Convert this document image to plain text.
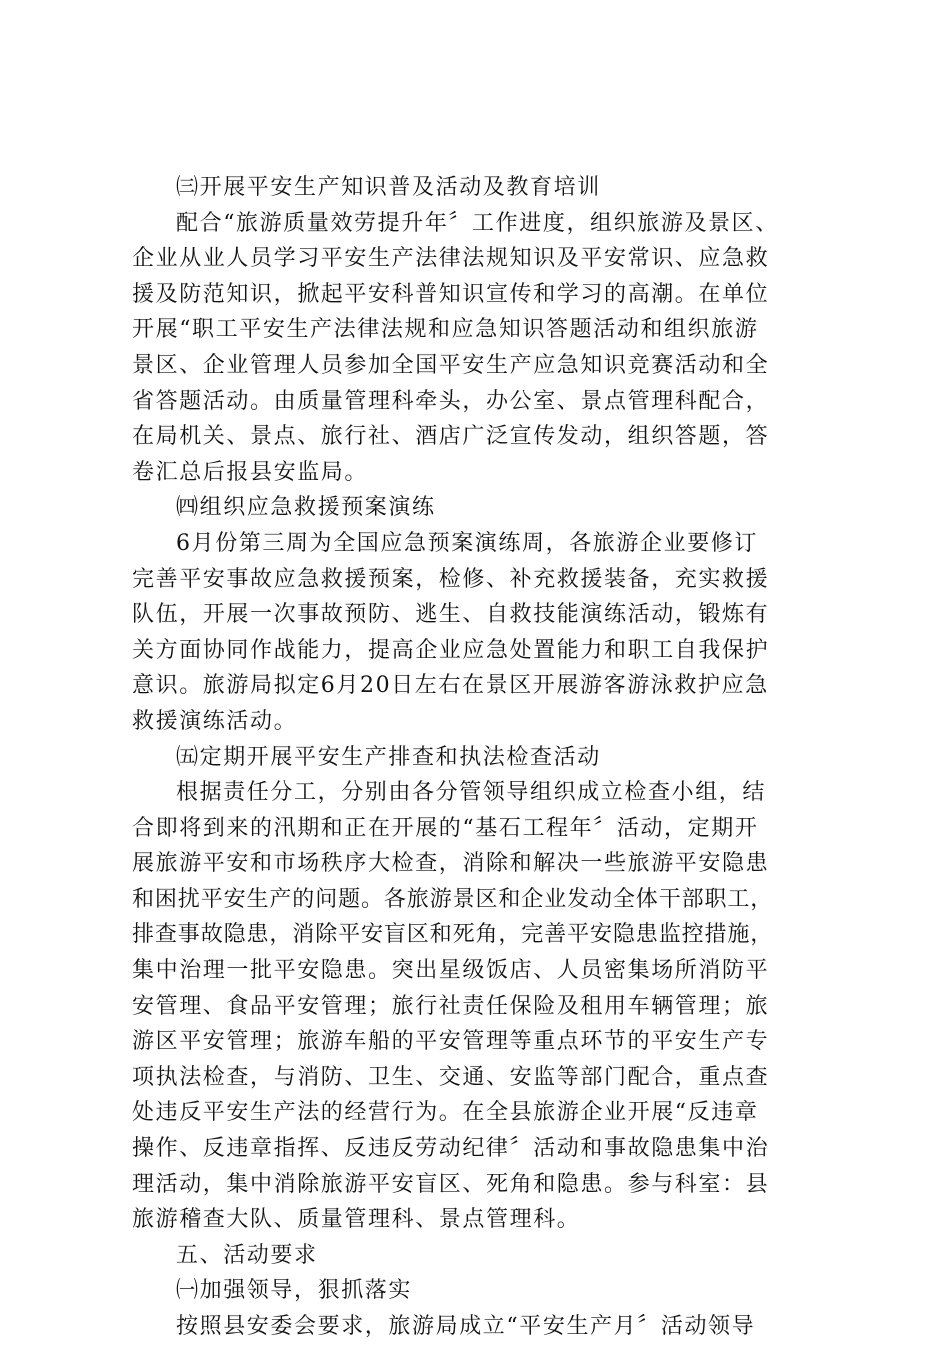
㈢开展平安生产知识普及活动及教育培训
配合“旅游质量效劳提升年〞工作进度，组织旅游及景区、
企业从业人员学习平安生产法律法规知识及平安常识、应急救
援及防范知识，掀起平安科普知识宣传和学习的高潮。在单位
开展“职工平安生产法律法规和应急知识答题活动和组织旅游
景区、企业管理人员参加全国平安生产应急知识竞赛活动和全
省答题活动。由质量管理科牵头，办公室、景点管理科配合，
在局机关、景点、旅行社、酒店广泛宣传发动，组织答题，答
卷汇总后报县安监局。
㈣组织应急救援预案演练
6月份第三周为全国应急预案演练周，各旅游企业要修订
完善平安事故应急救援预案，检修、补充救援装备，充实救援
队伍，开展一次事故预防、逃生、自救技能演练活动，锻炼有
关方面协同作战能力，提高企业应急处置能力和职工自我保护
意识。旅游局拟定6月20日左右在景区开展游客游泳救护应急
救援演练活动。
㈤定期开展平安生产排查和执法检查活动
根据责任分工，分别由各分管领导组织成立检查小组，结
合即将到来的汛期和正在开展的“基石工程年〞活动，定期开
展旅游平安和市场秩序大检查，消除和解决一些旅游平安隐患
和困扰平安生产的问题。各旅游景区和企业发动全体干部职工，
排查事故隐患，消除平安盲区和死角，完善平安隐患监控措施，
集中治理一批平安隐患。突出星级饭店、人员密集场所消防平
安管理、食品平安管理；旅行社责任保险及租用车辆管理；旅
游区平安管理；旅游车船的平安管理等重点环节的平安生产专
项执法检查，与消防、卫生、交通、安监等部门配合，重点查
处违反平安生产法的经营行为。在全县旅游企业开展“反违章
操作、反违章指挥、反违反劳动纪律〞活动和事故隐患集中治
理活动，集中消除旅游平安盲区、死角和隐患。参与科室：县
旅游稽查大队、质量管理科、景点管理科。
五、活动要求
㈠加强领导，狠抓落实
按照县安委会要求，旅游局成立“平安生产月〞活动领导
